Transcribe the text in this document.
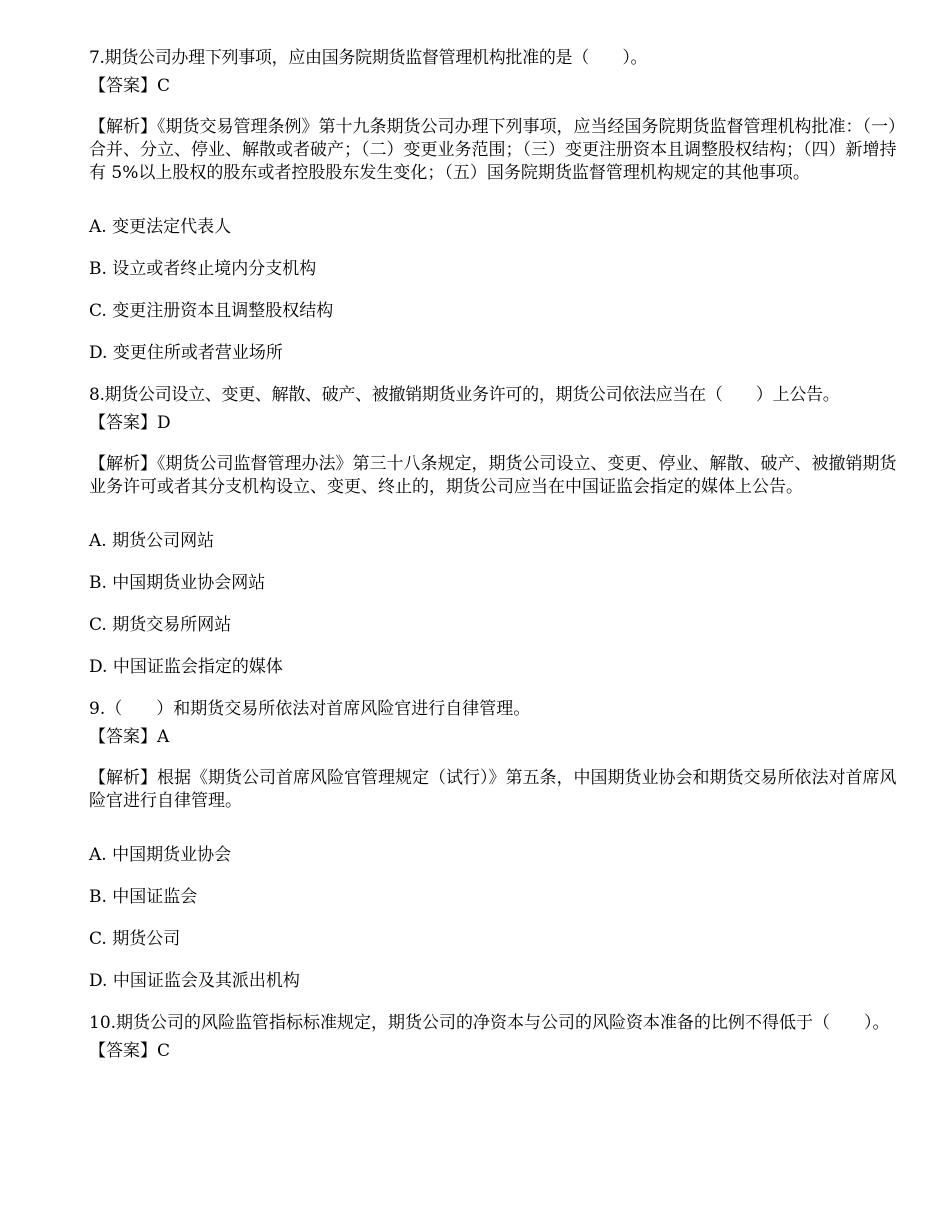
7.期货公司办理下列事项，应由国务院期货监督管理机构批准的是（　　）。

【答案】C

【解析】《期货交易管理条例》第十九条期货公司办理下列事项，应当经国务院期货监督管理机构批准：（一）合并、分立、停业、解散或者破产；（二）变更业务范围；（三）变更注册资本且调整股权结构；（四）新增持有 5%以上股权的股东或者控股股东发生变化；（五）国务院期货监督管理机构规定的其他事项。

A. 变更法定代表人

B. 设立或者终止境内分支机构

C. 变更注册资本且调整股权结构

D. 变更住所或者营业场所

8.期货公司设立、变更、解散、破产、被撤销期货业务许可的，期货公司依法应当在（　　）上公告。

【答案】D

【解析】《期货公司监督管理办法》第三十八条规定，期货公司设立、变更、停业、解散、破产、被撤销期货业务许可或者其分支机构设立、变更、终止的，期货公司应当在中国证监会指定的媒体上公告。

A. 期货公司网站

B. 中国期货业协会网站

C. 期货交易所网站

D. 中国证监会指定的媒体

9.（　　）和期货交易所依法对首席风险官进行自律管理。

【答案】A

【解析】根据《期货公司首席风险官管理规定（试行）》第五条，中国期货业协会和期货交易所依法对首席风险官进行自律管理。

A. 中国期货业协会

B. 中国证监会

C. 期货公司

D. 中国证监会及其派出机构

10.期货公司的风险监管指标标准规定，期货公司的净资本与公司的风险资本准备的比例不得低于（　　）。

【答案】C
